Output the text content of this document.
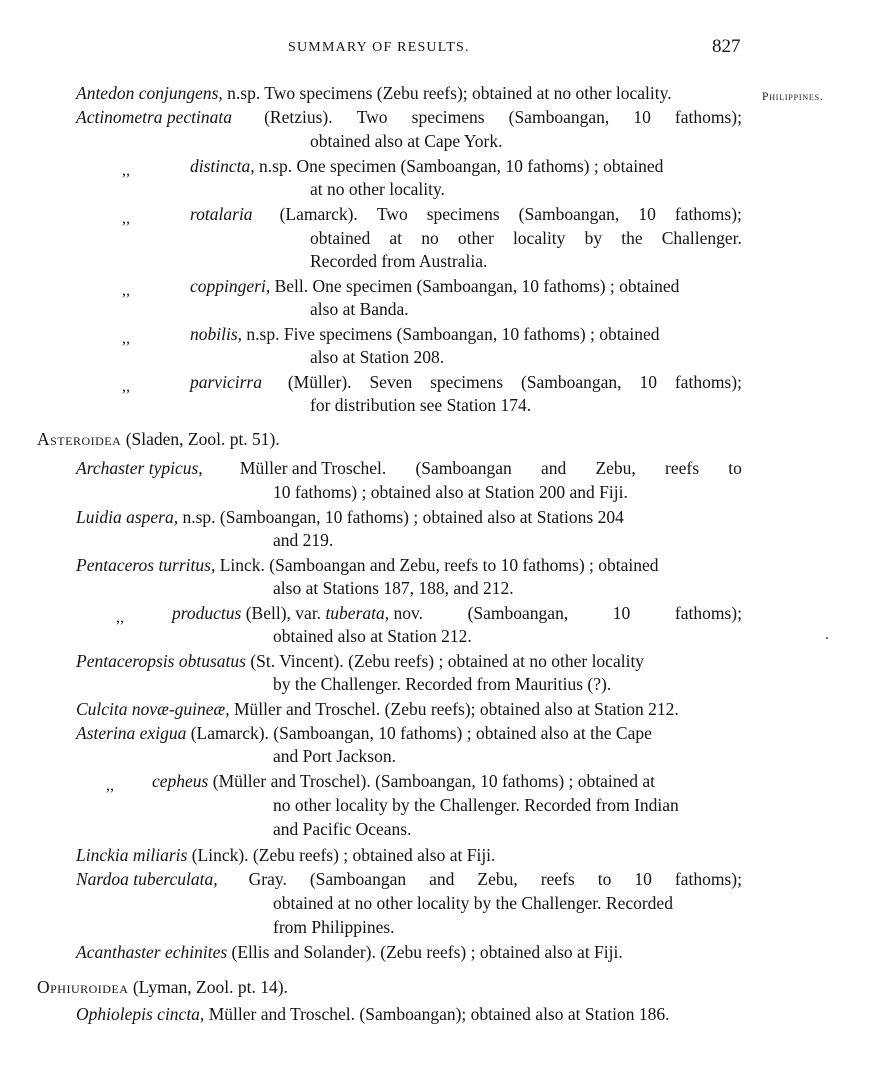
SUMMARY OF RESULTS.	827
Philippines.
Antedon conjungens, n.sp. Two specimens (Zebu reefs); obtained at no other locality.
Actinometra pectinata (Retzius). Two specimens (Samboangan, 10 fathoms);
obtained also at Cape York.
,,	distincta, n.sp. One specimen (Samboangan, 10 fathoms) ; obtained
at no other locality.
,,	rotalaria (Lamarck). Two specimens (Samboangan, 10 fathoms);
obtained at no other locality by the Challenger.
Recorded from Australia.
,,	coppingeri, Bell. One specimen (Samboangan, 10 fathoms) ; obtained
also at Banda.
,,	nobilis, n.sp. Five specimens (Samboangan, 10 fathoms) ; obtained
also at Station 208.
,,	parvicirra (Müller). Seven specimens (Samboangan, 10 fathoms);
for distribution see Station 174.
Asteroidea (Sladen, Zool. pt. 51).
Archaster typicus, Müller and Troschel. (Samboangan and Zebu, reefs to
10 fathoms) ; obtained also at Station 200 and Fiji.
Luidia aspera, n.sp. (Samboangan, 10 fathoms) ; obtained also at Stations 204
and 219.
Pentaceros turritus, Linck. (Samboangan and Zebu, reefs to 10 fathoms) ; obtained
also at Stations 187, 188, and 212.
,,	productus (Bell), var. tuberata, nov.	(Samboangan,	10	fathoms);
obtained also at Station 212.
Pentaceropsis obtusatus (St. Vincent). (Zebu reefs) ; obtained at no other locality
by the Challenger. Recorded from Mauritius (?).
Culcita novæ-guineæ, Müller and Troschel. (Zebu reefs); obtained also at Station 212.
Asterina exigua (Lamarck). (Samboangan, 10 fathoms) ; obtained also at the Cape
and Port Jackson.
,, cepheus (Müller and Troschel). (Samboangan, 10 fathoms) ; obtained at
no other locality by the Challenger. Recorded from Indian
and Pacific Oceans.
Linckia miliaris (Linck). (Zebu reefs) ; obtained also at Fiji.
Nardoa tuberculata, Gray. (Samboangan and Zebu, reefs to 10 fathoms);
obtained at no other locality by the Challenger. Recorded
from Philippines.
Acanthaster echinites (Ellis and Solander). (Zebu reefs) ; obtained also at Fiji.
Ophiuroidea (Lyman, Zool. pt. 14).
Ophiolepis cincta, Müller and Troschel. (Samboangan); obtained also at Station 186.
